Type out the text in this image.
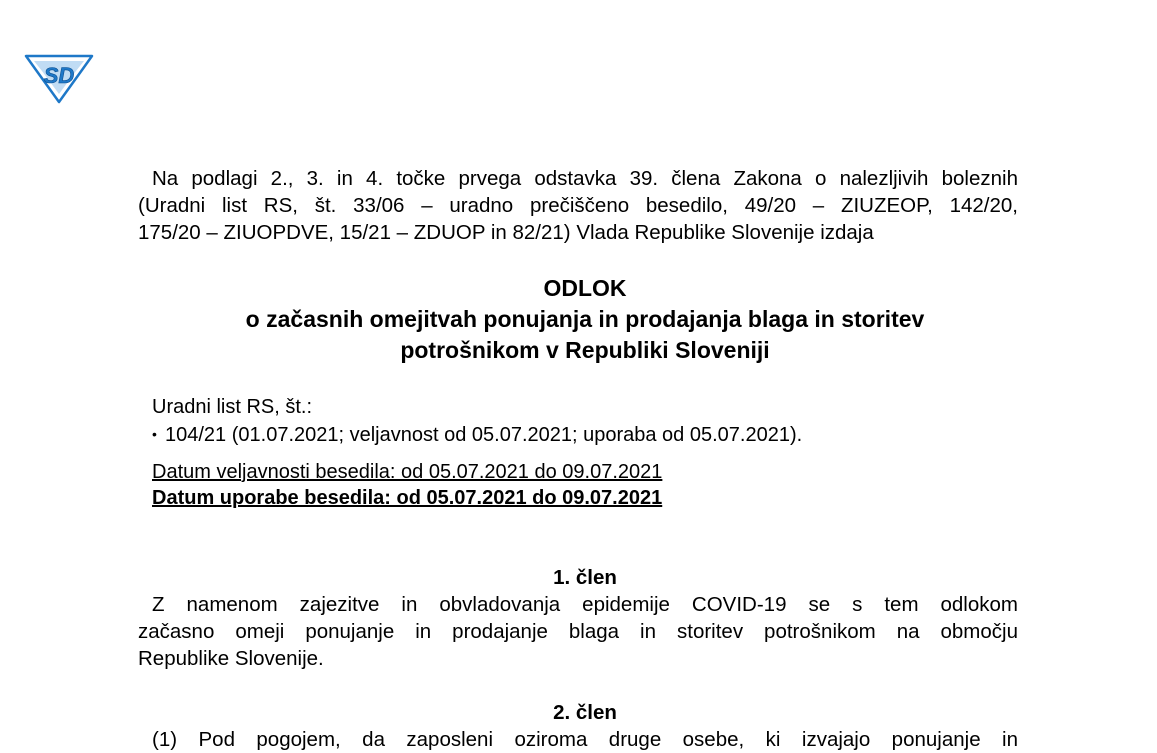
SD
Na podlagi 2., 3. in 4. točke prvega odstavka 39. člena Zakona o nalezljivih boleznih
(Uradni list RS, št. 33/06 – uradno prečiščeno besedilo, 49/20 – ZIUZEOP, 142/20,
175/20 – ZIUOPDVE, 15/21 – ZDUOP in 82/21) Vlada Republike Slovenije izdaja
ODLOK
o začasnih omejitvah ponujanja in prodajanja blaga in storitev
potrošnikom v Republiki Sloveniji
Uradni list RS, št.:
• 104/21 (01.07.2021; veljavnost od 05.07.2021; uporaba od 05.07.2021).
Datum veljavnosti besedila: od 05.07.2021 do 09.07.2021
Datum uporabe besedila: od 05.07.2021 do 09.07.2021
1. člen
Z namenom zajezitve in obvladovanja epidemije COVID-19 se s tem odlokom
začasno omeji ponujanje in prodajanje blaga in storitev potrošnikom na območju
Republike Slovenije.
2. člen
(1) Pod pogojem, da zaposleni oziroma druge osebe, ki izvajajo ponujanje in
